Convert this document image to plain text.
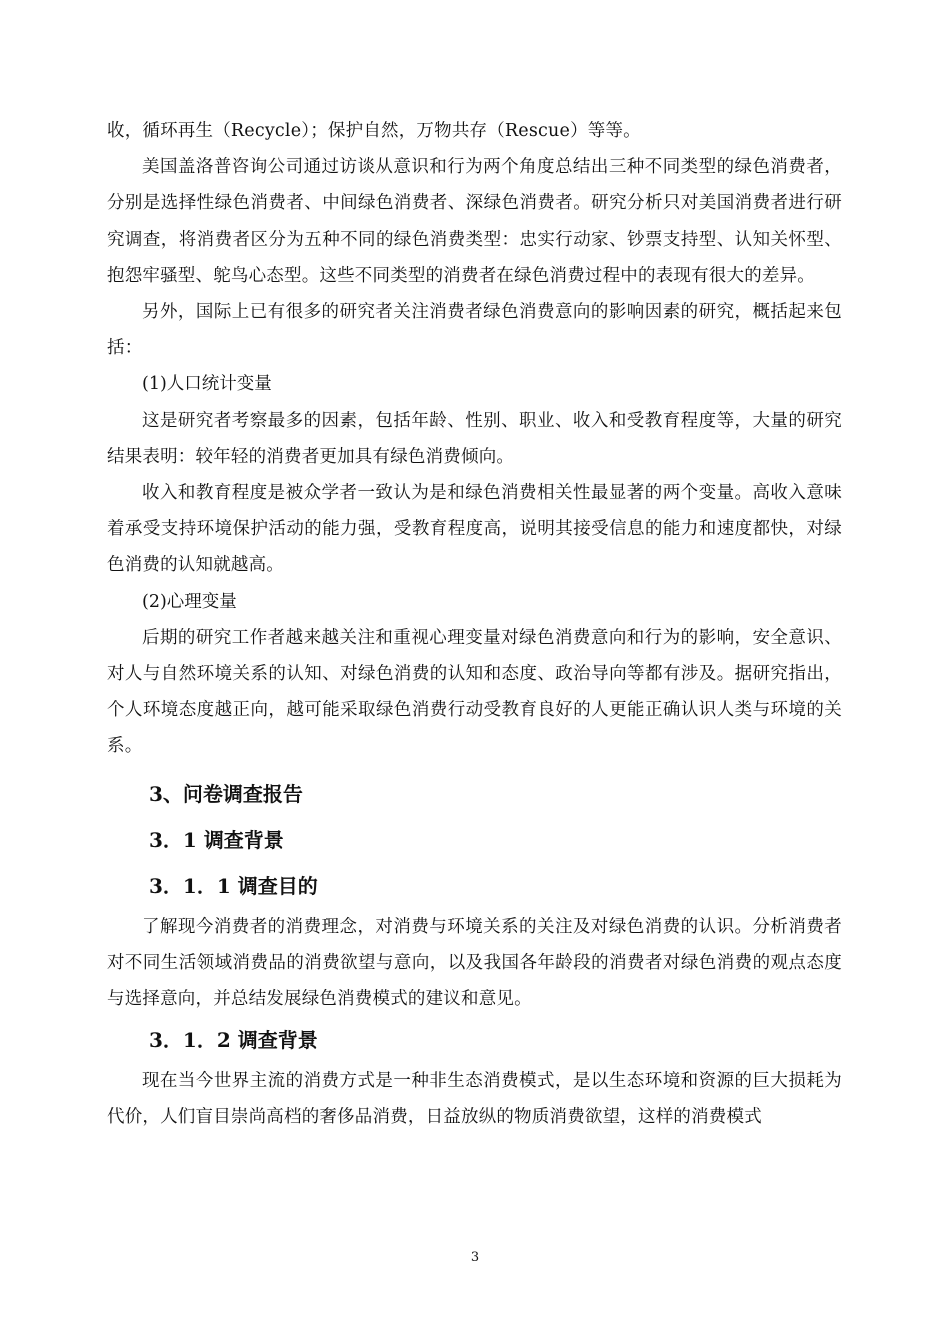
收，循环再生（Recycle）；保护自然，万物共存（Rescue）等等。

美国盖洛普咨询公司通过访谈从意识和行为两个角度总结出三种不同类型的绿色消费者，分别是选择性绿色消费者、中间绿色消费者、深绿色消费者。研究分析只对美国消费者进行研究调查，将消费者区分为五种不同的绿色消费类型：忠实行动家、钞票支持型、认知关怀型、抱怨牢骚型、鸵鸟心态型。这些不同类型的消费者在绿色消费过程中的表现有很大的差异。

另外，国际上已有很多的研究者关注消费者绿色消费意向的影响因素的研究，概括起来包括：

(1)人口统计变量

这是研究者考察最多的因素，包括年龄、性别、职业、收入和受教育程度等，大量的研究结果表明：较年轻的消费者更加具有绿色消费倾向。

收入和教育程度是被众学者一致认为是和绿色消费相关性最显著的两个变量。高收入意味着承受支持环境保护活动的能力强，受教育程度高，说明其接受信息的能力和速度都快，对绿色消费的认知就越高。

(2)心理变量

后期的研究工作者越来越关注和重视心理变量对绿色消费意向和行为的影响，安全意识、对人与自然环境关系的认知、对绿色消费的认知和态度、政治导向等都有涉及。据研究指出，个人环境态度越正向，越可能采取绿色消费行动受教育良好的人更能正确认识人类与环境的关系。

3、问卷调查报告
3．1 调查背景
3．1．1 调查目的

了解现今消费者的消费理念，对消费与环境关系的关注及对绿色消费的认识。分析消费者对不同生活领域消费品的消费欲望与意向，以及我国各年龄段的消费者对绿色消费的观点态度与选择意向，并总结发展绿色消费模式的建议和意见。

3．1．2 调查背景

现在当今世界主流的消费方式是一种非生态消费模式，是以生态环境和资源的巨大损耗为代价，人们盲目崇尚高档的奢侈品消费，日益放纵的物质消费欲望，这样的消费模式

3
